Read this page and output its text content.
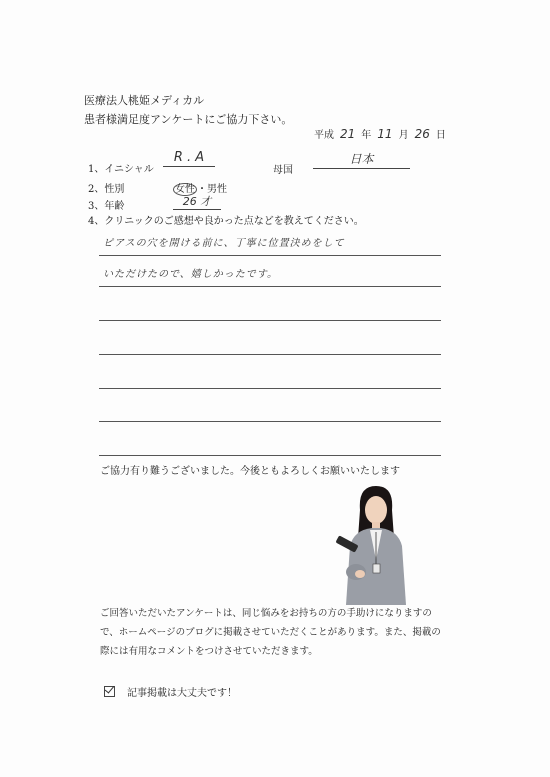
医療法人桃姫メディカル
患者様満足度アンケートにご協力下さい。
平成 21 年 11 月 26 日
1、イニシャル
R . A
母国
日本
2、性別	女性 ・男性
3、年齢	26 才
4、クリニックのご感想や良かった点などを教えてください。
ピアスの穴を開ける前に、丁寧に位置決めをして
いただけたので、嬉しかったです。
ご協力有り難うございました。今後ともよろしくお願いいたします
ご回答いただいたアンケートは、同じ悩みをお持ちの方の手助けになりますので、ホームページのブログに掲載させていただくことがあります。また、掲載の際には有用なコメントをつけさせていただきます。
記事掲載は大丈夫です！
